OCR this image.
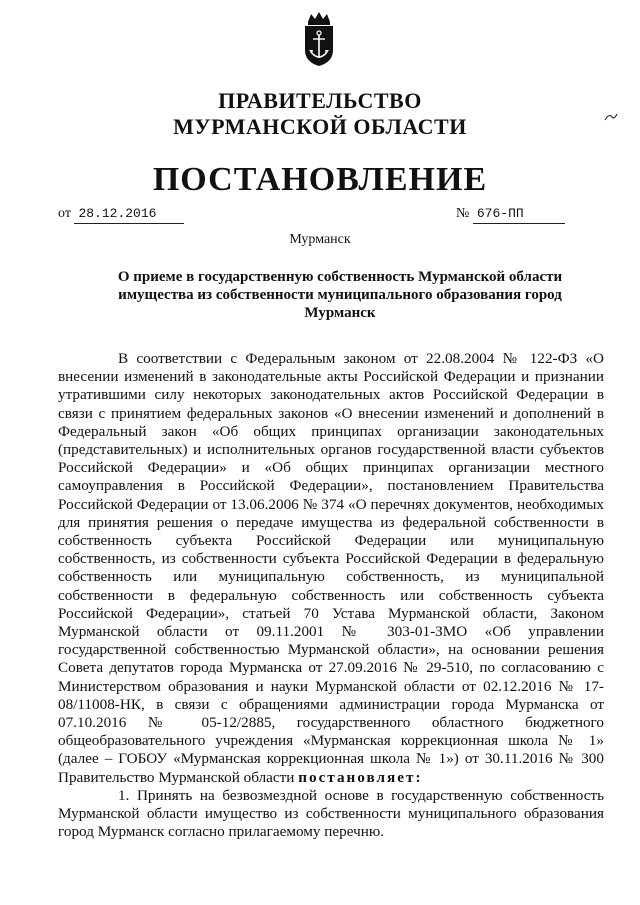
ПРАВИТЕЛЬСТВО
МУРМАНСКОЙ ОБЛАСТИ
ПОСТАНОВЛЕНИЕ
от 28.12.2016	№ 676-ПП
Мурманск
О приеме в государственную собственность Мурманской области имущества из собственности муниципального образования город Мурманск

В соответствии с Федеральным законом от 22.08.2004 № 122-ФЗ «О внесении изменений в законодательные акты Российской Федерации и признании утратившими силу некоторых законодательных актов Российской Федерации в связи с принятием федеральных законов «О внесении изменений и дополнений в Федеральный закон «Об общих принципах организации законодательных (представительных) и исполнительных органов государственной власти субъектов Российской Федерации» и «Об общих принципах организации местного самоуправления в Российской Федерации», постановлением Правительства Российской Федерации от 13.06.2006 № 374 «О перечнях документов, необходимых для принятия решения о передаче имущества из федеральной собственности в собственность субъекта Российской Федерации или муниципальную собственность, из собственности субъекта Российской Федерации в федеральную собственность или муниципальную собственность, из муниципальной собственности в федеральную собственность или собственность субъекта Российской Федерации», статьей 70 Устава Мурманской области, Законом Мурманской области от 09.11.2001 № 303-01-ЗМО «Об управлении государственной собственностью Мурманской области», на основании решения Совета депутатов города Мурманска от 27.09.2016 № 29-510, по согласованию с Министерством образования и науки Мурманской области от 02.12.2016 № 17-08/11008-НК, в связи с обращениями администрации города Мурманска от 07.10.2016 № 05-12/2885, государственного областного бюджетного общеобразовательного учреждения «Мурманская коррекционная школа № 1» (далее – ГОБОУ «Мурманская коррекционная школа № 1») от 30.11.2016 № 300 Правительство Мурманской области постановляет:

1. Принять на безвозмездной основе в государственную собственность Мурманской области имущество из собственности муниципального образования город Мурманск согласно прилагаемому перечню.
